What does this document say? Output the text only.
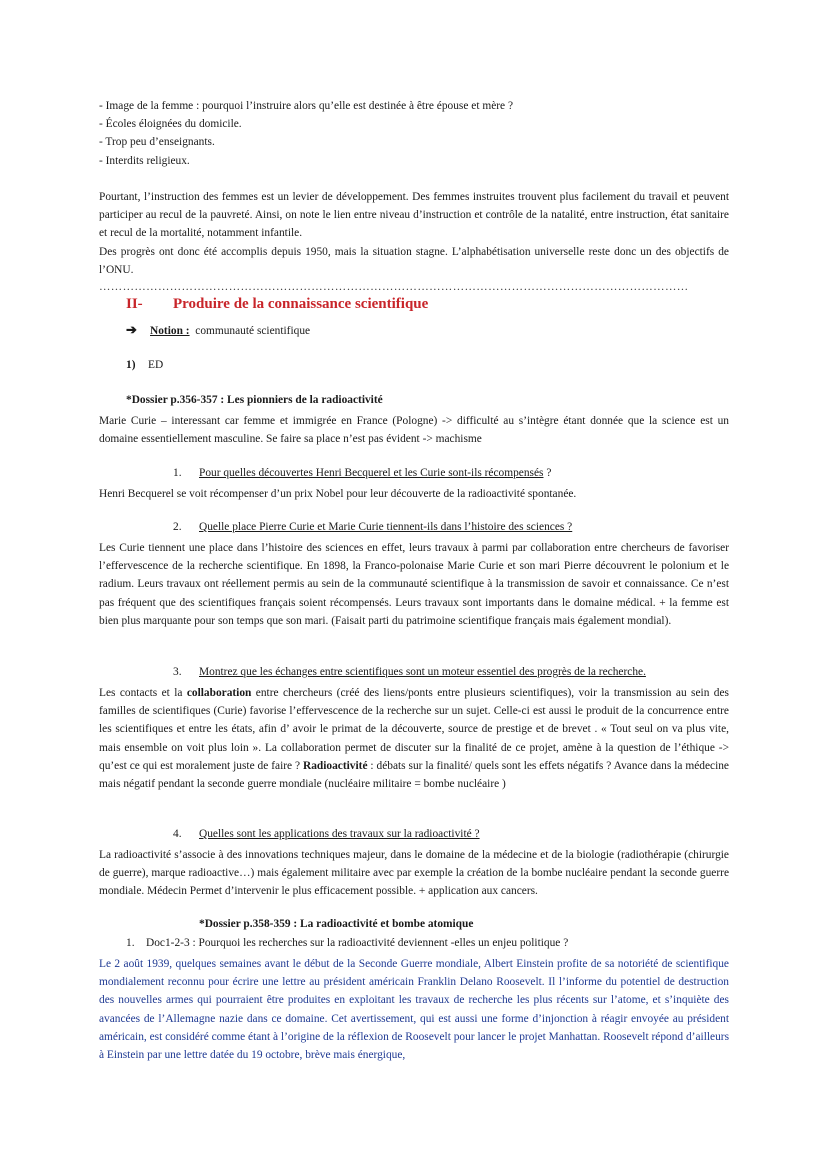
- Image de la femme : pourquoi l’instruire alors qu’elle est destinée à être épouse et mère ?

- Écoles éloignées du domicile.

- Trop peu d’enseignants.

- Interdits religieux.

Pourtant, l’instruction des femmes est un levier de développement. Des femmes instruites trouvent plus facilement du travail et peuvent participer au recul de la pauvreté. Ainsi, on note le lien entre niveau d’instruction et contrôle de la natalité, entre instruction, état sanitaire et recul de la mortalité, notamment infantile.

Des progrès ont donc été accomplis depuis 1950, mais la situation stagne. L’alphabétisation universelle reste donc un des objectifs de l’ONU.

……………………………………………………………………………………………………………………………………
II- Produire de la connaissance scientifique
➔ Notion : communauté scientifique
1) ED
*Dossier p.356-357 : Les pionniers de la radioactivité

Marie Curie – interessant car femme et immigrée en France (Pologne) -> difficulté au s’intègre étant donnée que la science est un domaine essentiellement masculine. Se faire sa place n’est pas évident -> machisme

1. Pour quelles découvertes Henri Becquerel et les Curie sont-ils récompensés ?

Henri Becquerel se voit récompenser d’un prix Nobel pour leur découverte de la radioactivité spontanée.

2. Quelle place Pierre Curie et Marie Curie tiennent-ils dans l’histoire des sciences ?

Les Curie tiennent une place dans l’histoire des sciences en effet, leurs travaux à parmi par collaboration entre chercheurs de favoriser l’effervescence de la recherche scientifique. En 1898, la Franco-polonaise Marie Curie et son mari Pierre découvrent le polonium et le radium. Leurs travaux ont réellement permis au sein de la communauté scientifique à la transmission de savoir et connaissance. Ce n’est pas fréquent que des scientifiques français soient récompensés. Leurs travaux sont importants dans le domaine médical. + la femme est bien plus marquante pour son temps que son mari. (Faisait parti du patrimoine scientifique français mais également mondial).

3. Montrez que les échanges entre scientifiques sont un moteur essentiel des progrès de la recherche.

Les contacts et la collaboration entre chercheurs (créé des liens/ponts entre plusieurs scientifiques), voir la transmission au sein des familles de scientifiques (Curie) favorise l’effervescence de la recherche sur un sujet. Celle-ci est aussi le produit de la concurrence entre les scientifiques et entre les états, afin d’ avoir le primat de la découverte, source de prestige et de brevet . « Tout seul on va plus vite, mais ensemble on voit plus loin ». La collaboration permet de discuter sur la finalité de ce projet, amène à la question de l’éthique -> qu’est ce qui est moralement juste de faire ? Radioactivité : débats sur la finalité/ quels sont les effets négatifs ? Avance dans la médecine mais négatif pendant la seconde guerre mondiale (nucléaire militaire = bombe nucléaire )

4. Quelles sont les applications des travaux sur la radioactivité ?

La radioactivité s’associe à des innovations techniques majeur, dans le domaine de la médecine et de la biologie (radiothérapie (chirurgie de guerre), marque radioactive…) mais également militaire avec par exemple la création de la bombe nucléaire pendant la seconde guerre mondiale. Médecin Permet d’intervenir le plus efficacement possible. + application aux cancers.

*Dossier p.358-359 : La radioactivité et bombe atomique
1. Doc1-2-3 : Pourquoi les recherches sur la radioactivité deviennent -elles un enjeu politique ?

Le 2 août 1939, quelques semaines avant le début de la Seconde Guerre mondiale, Albert Einstein profite de sa notoriété de scientifique mondialement reconnu pour écrire une lettre au président américain Franklin Delano Roosevelt. Il l’informe du potentiel de destruction des nouvelles armes qui pourraient être produites en exploitant les travaux de recherche les plus récents sur l’atome, et s’inquiète des avancées de l’Allemagne nazie dans ce domaine. Cet avertissement, qui est aussi une forme d’injonction à réagir envoyée au président américain, est considéré comme étant à l’origine de la réflexion de Roosevelt pour lancer le projet Manhattan. Roosevelt répond d’ailleurs à Einstein par une lettre datée du 19 octobre, brève mais énergique,
